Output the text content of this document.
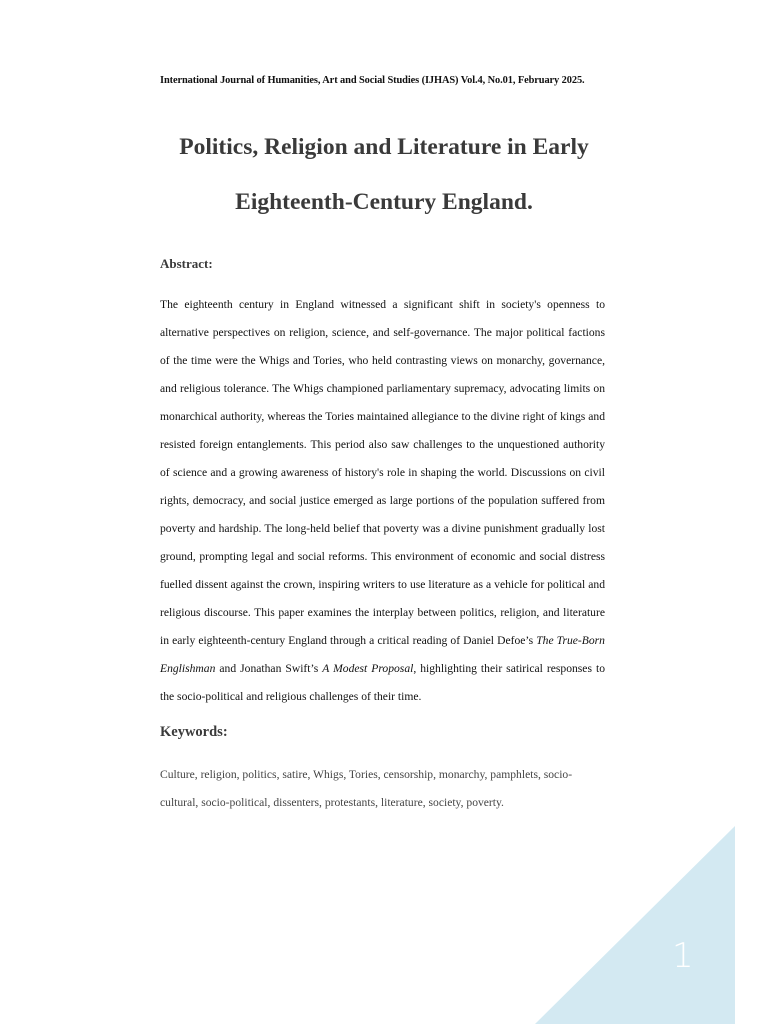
International Journal of Humanities, Art and Social Studies (IJHAS) Vol.4, No.01, February 2025.
Politics, Religion and Literature in Early
Eighteenth-Century England.
Abstract:

The eighteenth century in England witnessed a significant shift in society's openness to alternative perspectives on religion, science, and self-governance. The major political factions of the time were the Whigs and Tories, who held contrasting views on monarchy, governance, and religious tolerance. The Whigs championed parliamentary supremacy, advocating limits on monarchical authority, whereas the Tories maintained allegiance to the divine right of kings and resisted foreign entanglements. This period also saw challenges to the unquestioned authority of science and a growing awareness of history's role in shaping the world. Discussions on civil rights, democracy, and social justice emerged as large portions of the population suffered from poverty and hardship. The long-held belief that poverty was a divine punishment gradually lost ground, prompting legal and social reforms. This environment of economic and social distress fuelled dissent against the crown, inspiring writers to use literature as a vehicle for political and religious discourse. This paper examines the interplay between politics, religion, and literature in early eighteenth-century England through a critical reading of Daniel Defoe’s The True-Born Englishman and Jonathan Swift’s A Modest Proposal, highlighting their satirical responses to the socio-political and religious challenges of their time.

Keywords:

Culture, religion, politics, satire, Whigs, Tories, censorship, monarchy, pamphlets, socio-cultural, socio-political, dissenters, protestants, literature, society, poverty.

1
